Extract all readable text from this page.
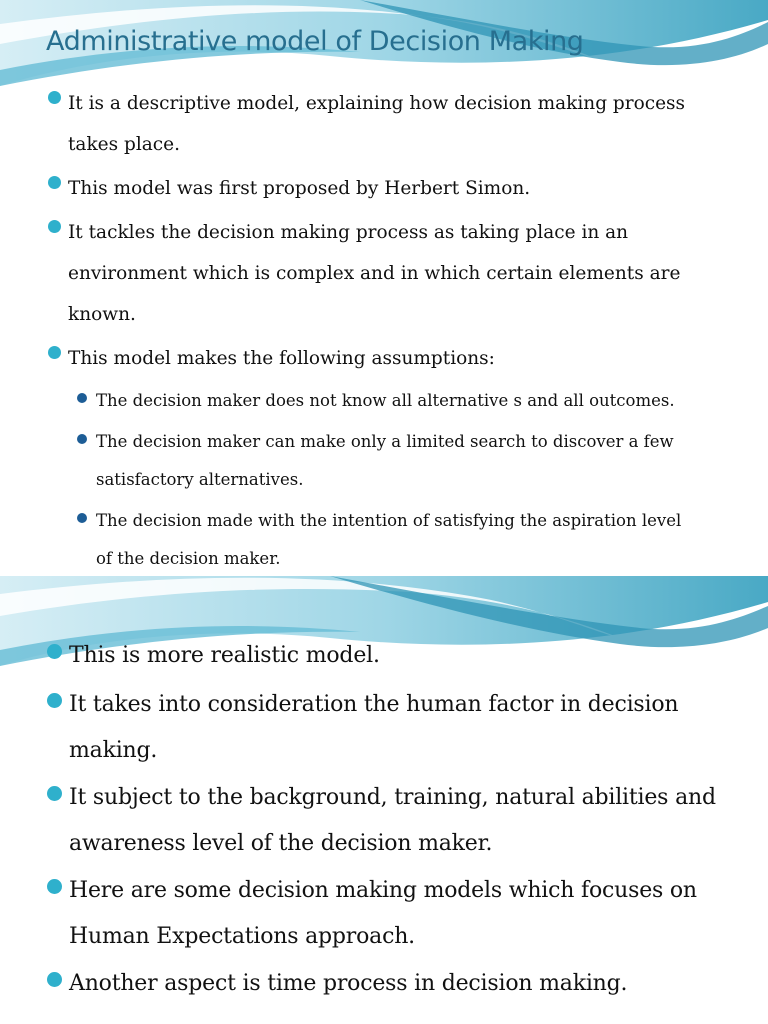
Administrative model of Decision Making
It is a descriptive model, explaining how decision making process
takes place.
This model was first proposed by Herbert Simon.
It tackles the decision making process as taking place in an
environment which is complex and in which certain elements are
known.
This model makes the following assumptions:
The decision maker does not know all alternative s and all outcomes.
The decision maker can make only a limited search to discover a few
satisfactory alternatives.
The decision made with the intention of satisfying the aspiration level
of the decision maker.
This is more realistic model.
It takes into consideration the human factor in decision
making.
It subject to the background, training, natural abilities and
awareness level of the decision maker.
Here are some decision making models which focuses on
Human Expectations approach.
Another aspect is time process in decision making.
